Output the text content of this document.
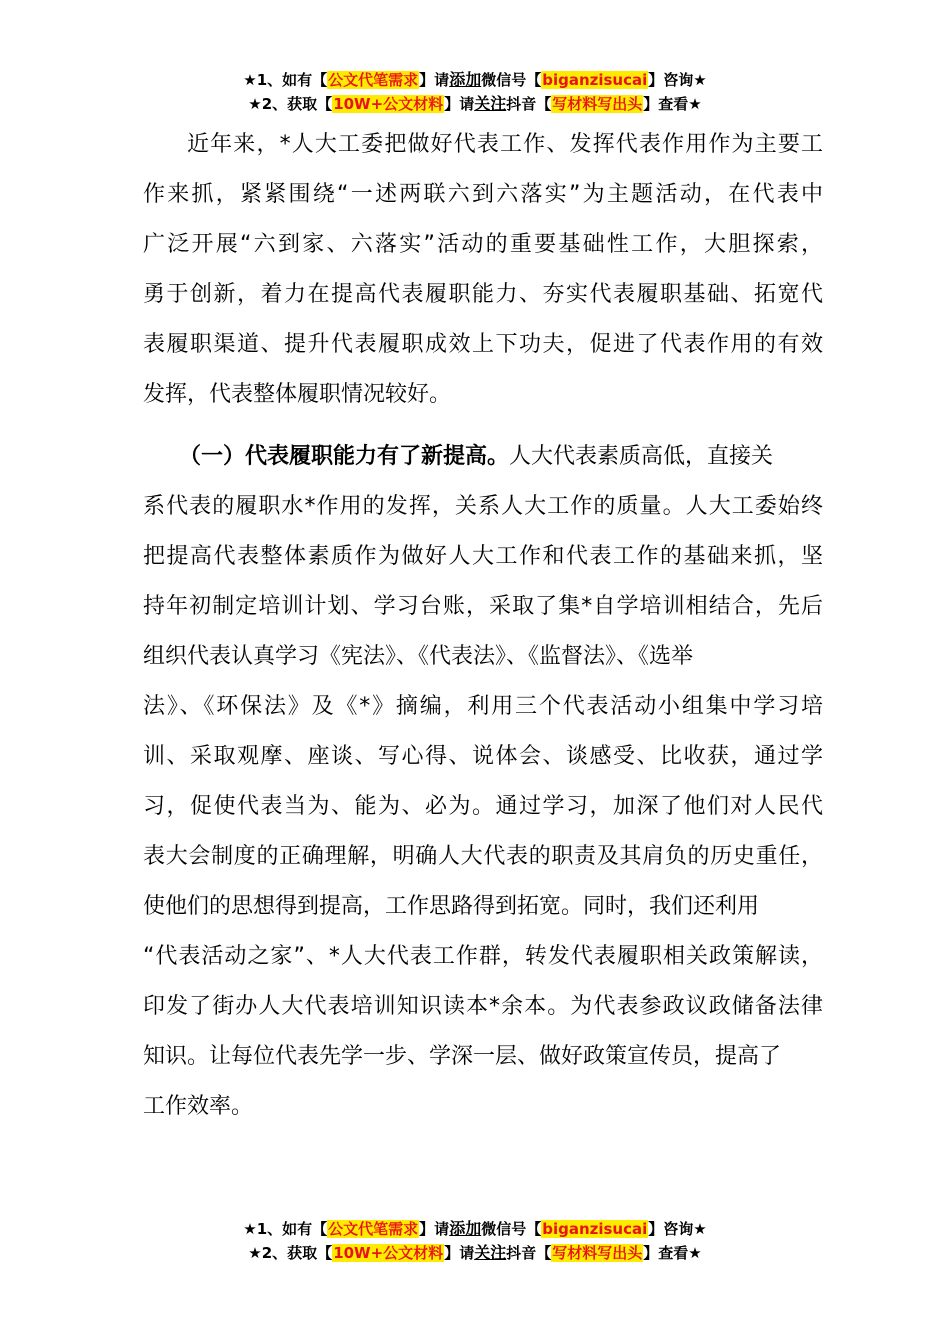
★1、如有【公文代笔需求】请添加微信号【biganzisucai】咨询★
★2、获取【10W+公文材料】请关注抖音【写材料写出头】查看★
近年来，*人大工委把做好代表工作、发挥代表作用作为主要工
作来抓，紧紧围绕“一述两联六到六落实”为主题活动，在代表中
广泛开展“六到家、六落实”活动的重要基础性工作，大胆探索，
勇于创新，着力在提高代表履职能力、夯实代表履职基础、拓宽代
表履职渠道、提升代表履职成效上下功夫，促进了代表作用的有效
发挥，代表整体履职情况较好。
（一）代表履职能力有了新提高。人大代表素质高低，直接关
系代表的履职水*作用的发挥，关系人大工作的质量。人大工委始终
把提高代表整体素质作为做好人大工作和代表工作的基础来抓，坚
持年初制定培训计划、学习台账，采取了集*自学培训相结合，先后
组织代表认真学习《宪法》、《代表法》、《监督法》、《选举
法》、《环保法》及《*》摘编，利用三个代表活动小组集中学习培
训、采取观摩、座谈、写心得、说体会、谈感受、比收获，通过学
习，促使代表当为、能为、必为。通过学习，加深了他们对人民代
表大会制度的正确理解，明确人大代表的职责及其肩负的历史重任，
使他们的思想得到提高，工作思路得到拓宽。同时，我们还利用
“代表活动之家”、*人大代表工作群，转发代表履职相关政策解读，
印发了街办人大代表培训知识读本*余本。为代表参政议政储备法律
知识。让每位代表先学一步、学深一层、做好政策宣传员，提高了
工作效率。
★1、如有【公文代笔需求】请添加微信号【biganzisucai】咨询★
★2、获取【10W+公文材料】请关注抖音【写材料写出头】查看★
